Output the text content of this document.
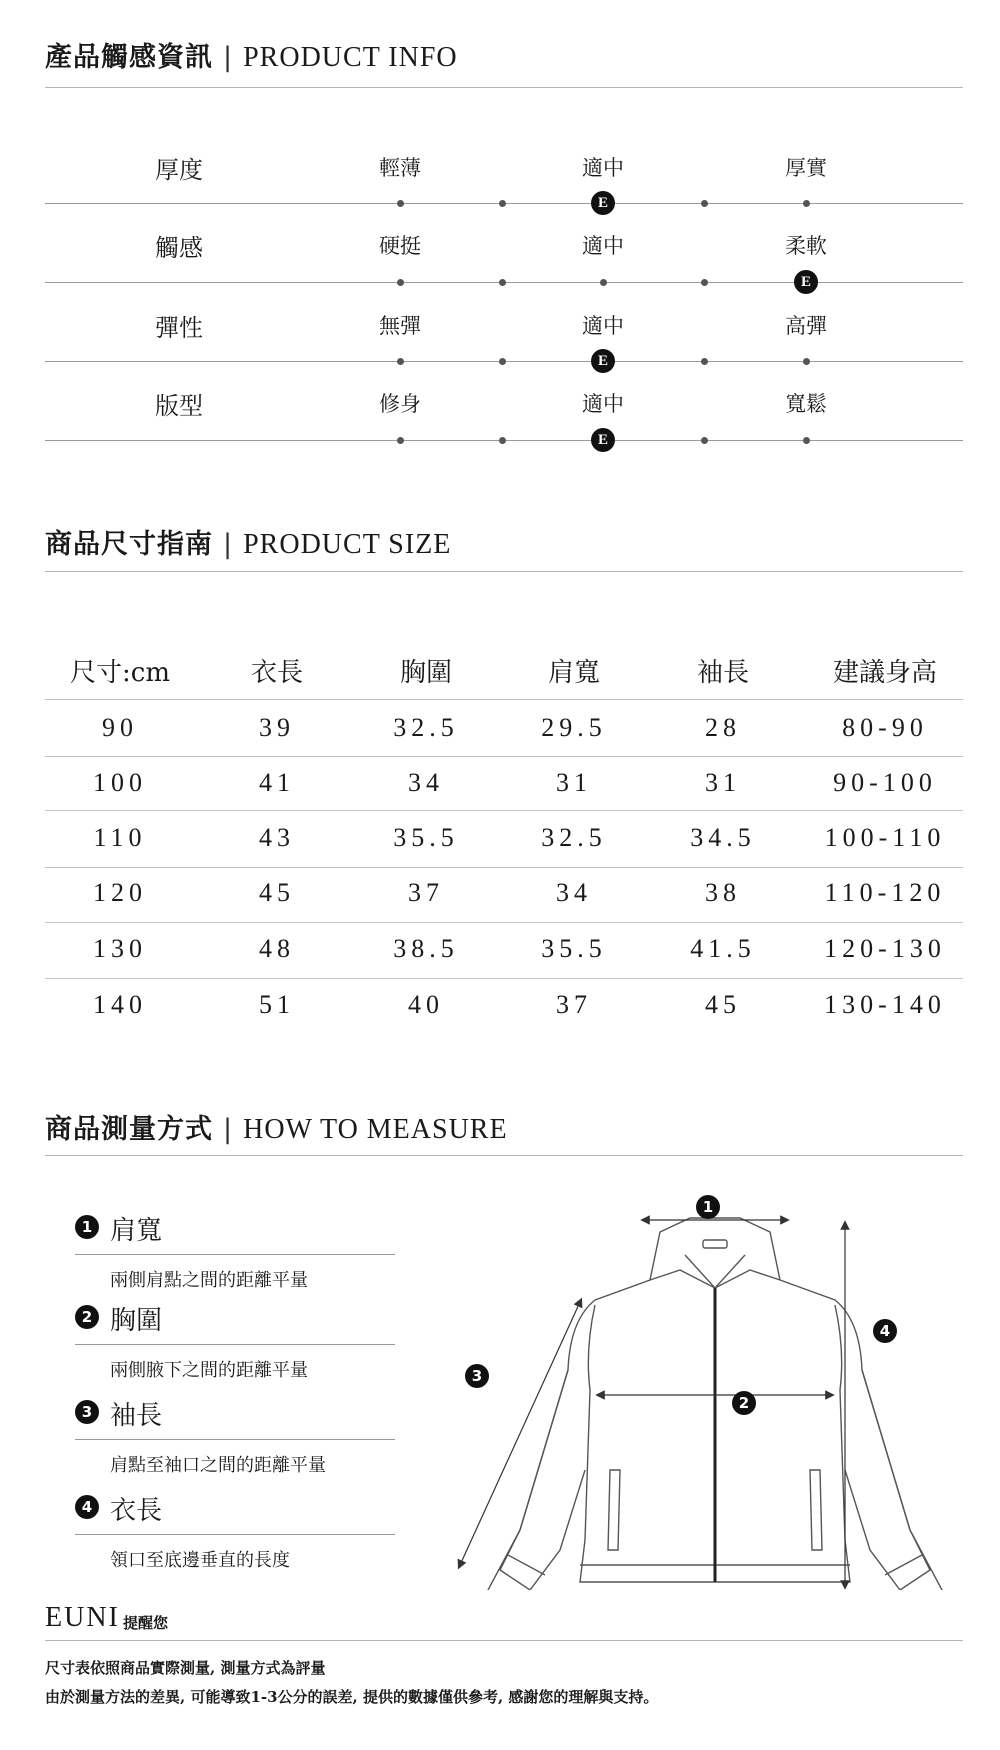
產品觸感資訊 | PRODUCT INFO
厚度	輕薄	適中	厚實
E
觸感	硬挺	適中	柔軟
E
彈性	無彈	適中	高彈
E
版型	修身	適中	寬鬆
E
商品尺寸指南 | PRODUCT SIZE
尺寸:cm	衣長	胸圍	肩寬	袖長	建議身高
90	39	32.5	29.5	28	80-90
100	41	34	31	31	90-100
110	43	35.5	32.5	34.5	100-110
120	45	37	34	38	110-120
130	48	38.5	35.5	41.5	120-130
140	51	40	37	45	130-140
商品測量方式 | HOW TO MEASURE
1 肩寬
兩側肩點之間的距離平量
2 胸圍
兩側腋下之間的距離平量
3 袖長
肩點至袖口之間的距離平量
4 衣長
領口至底邊垂直的長度
1
2
3
4
EUNI 提醒您
尺寸表依照商品實際測量, 測量方式為評量
由於測量方法的差異, 可能導致1-3公分的誤差, 提供的數據僅供參考, 感謝您的理解與支持。
